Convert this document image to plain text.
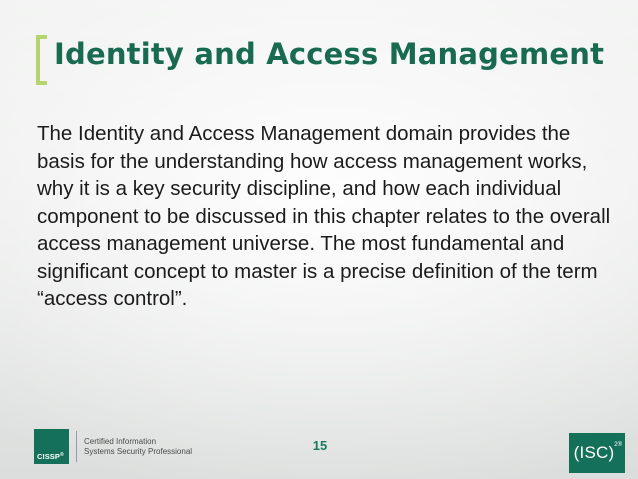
Identity and Access Management

The Identity and Access Management domain provides the basis for the understanding how access management works, why it is a key security discipline, and how each individual component to be discussed in this chapter relates to the overall access management universe. The most fundamental and significant concept to master is a precise definition of the term “access control”.

CISSP®
Certified Information
Systems Security Professional	15	(ISC) 2®
